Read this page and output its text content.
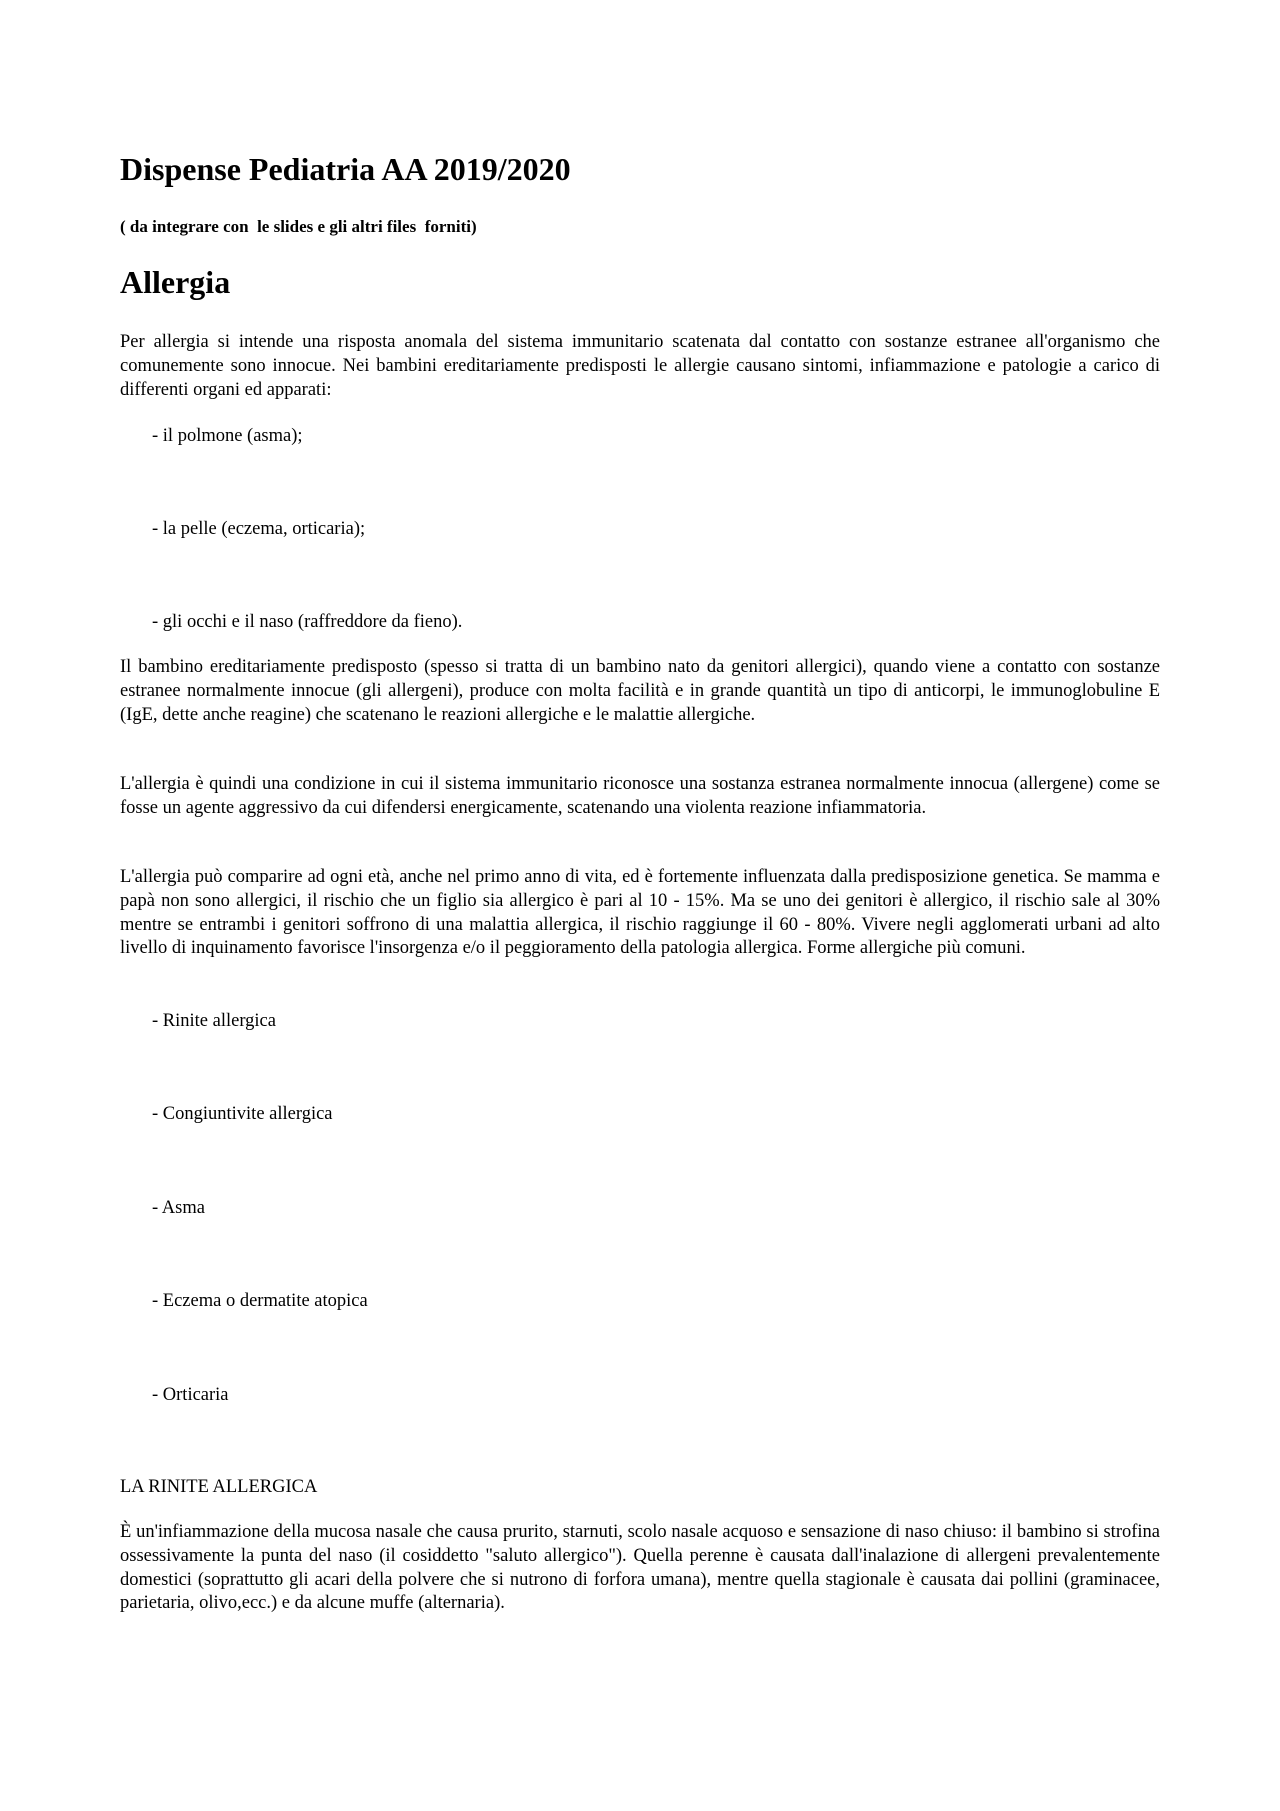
Dispense Pediatria AA 2019/2020

( da integrare con  le slides e gli altri files  forniti)

Allergia

Per allergia si intende una risposta anomala del sistema immunitario scatenata dal contatto con sostanze estranee all'organismo che comunemente sono innocue. Nei bambini ereditariamente predisposti le allergie causano sintomi, infiammazione e patologie a carico di differenti organi ed apparati:

- il polmone (asma);

- la pelle (eczema, orticaria);

- gli occhi e il naso (raffreddore da fieno).

Il bambino ereditariamente predisposto (spesso si tratta di un bambino nato da genitori allergici), quando viene a contatto con sostanze estranee normalmente innocue (gli allergeni), produce con molta facilità e in grande quantità un tipo di anticorpi, le immunoglobuline E (IgE, dette anche reagine) che scatenano le reazioni allergiche e le malattie allergiche.

L'allergia è quindi una condizione in cui il sistema immunitario riconosce una sostanza estranea normalmente innocua (allergene) come se fosse un agente aggressivo da cui difendersi energicamente, scatenando una violenta reazione infiammatoria.

L'allergia può comparire ad ogni età, anche nel primo anno di vita, ed è fortemente influenzata dalla predisposizione genetica. Se mamma e papà non sono allergici, il rischio che un figlio sia allergico è pari al 10 - 15%. Ma se uno dei genitori è allergico, il rischio sale al 30% mentre se entrambi i genitori soffrono di una malattia allergica, il rischio raggiunge il 60 - 80%. Vivere negli agglomerati urbani ad alto livello di inquinamento favorisce l'insorgenza e/o il peggioramento della patologia allergica. Forme allergiche più comuni.

- Rinite allergica

- Congiuntivite allergica

- Asma

- Eczema o dermatite atopica

- Orticaria

LA RINITE ALLERGICA

È un'infiammazione della mucosa nasale che causa prurito, starnuti, scolo nasale acquoso e sensazione di naso chiuso: il bambino si strofina ossessivamente la punta del naso (il cosiddetto "saluto allergico"). Quella perenne è causata dall'inalazione di allergeni prevalentemente domestici (soprattutto gli acari della polvere che si nutrono di forfora umana), mentre quella stagionale è causata dai pollini (graminacee, parietaria, olivo,ecc.) e da alcune muffe (alternaria).
